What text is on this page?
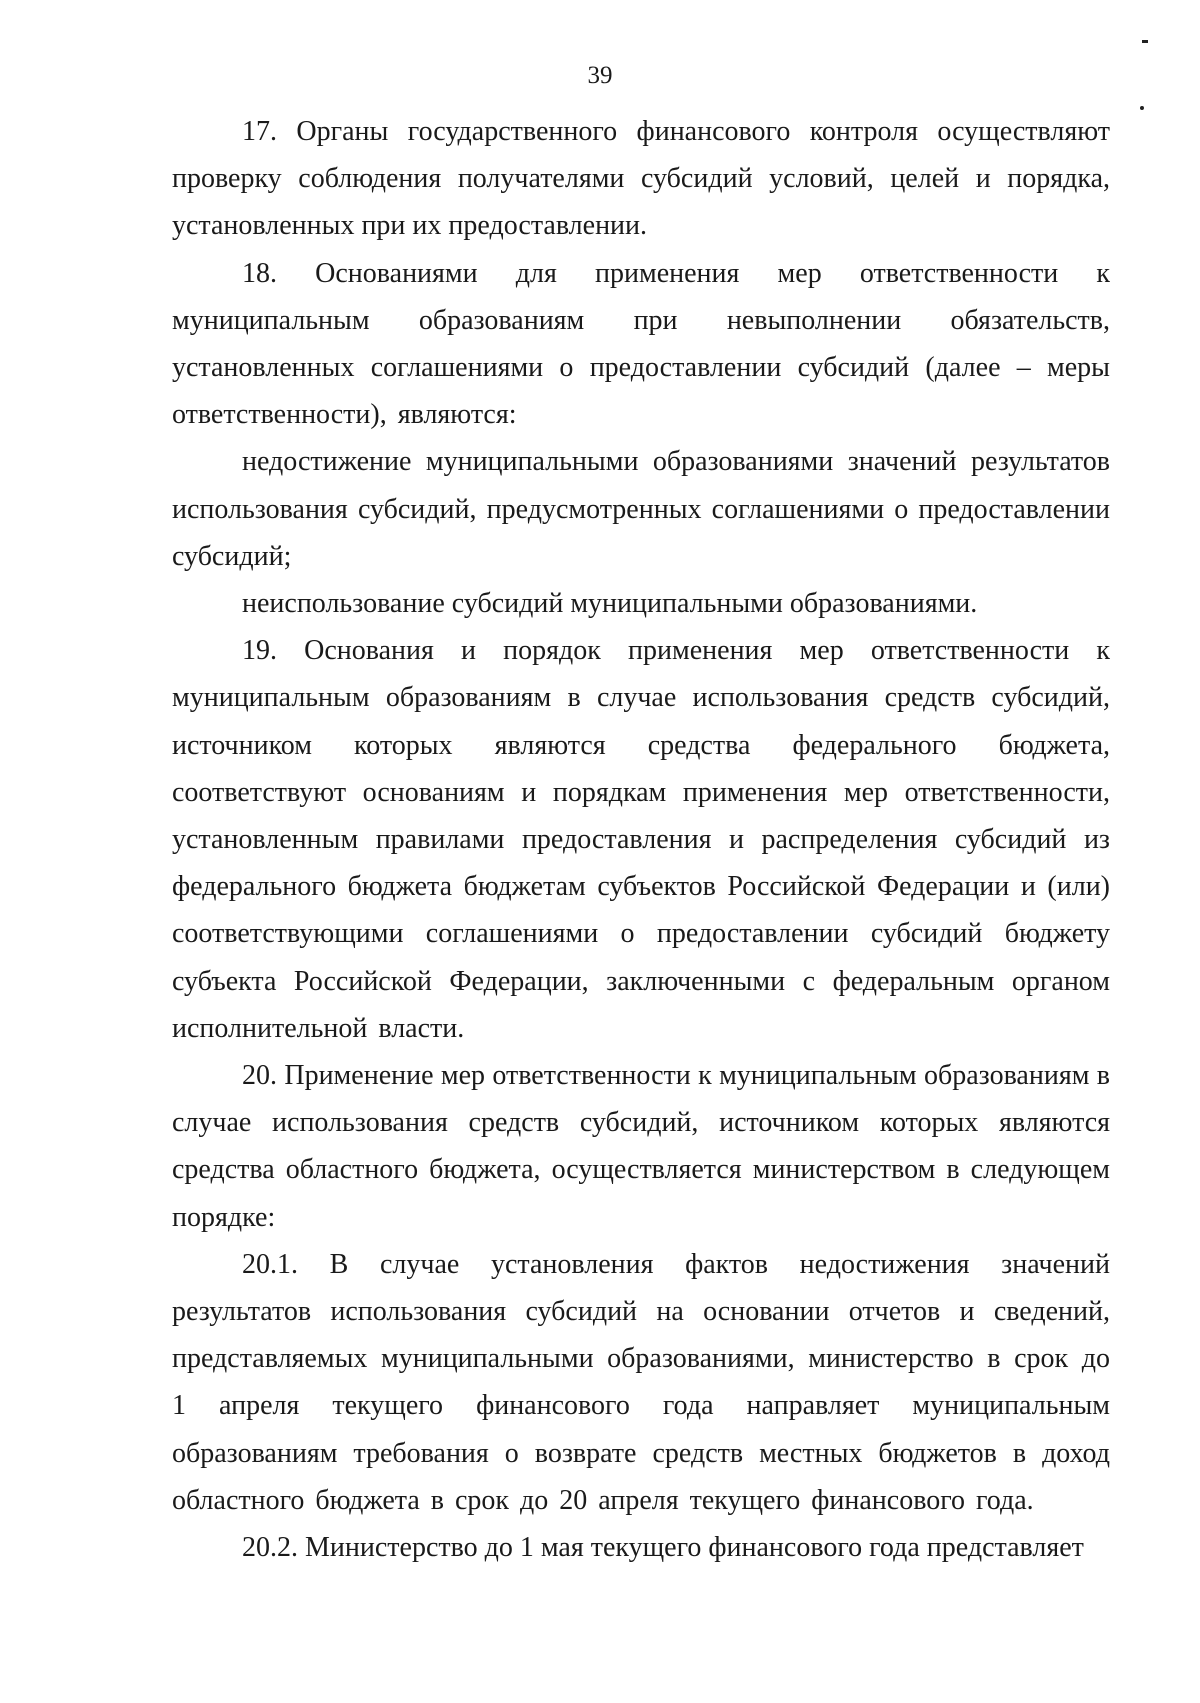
39

17. Органы государственного финансового контроля осуществляют проверку соблюдения получателями субсидий условий, целей и порядка, установленных при их предоставлении.

18. Основаниями для применения мер ответственности к муниципальным образованиям при невыполнении обязательств, установленных соглашениями о предоставлении субсидий (далее – меры ответственности), являются:

недостижение муниципальными образованиями значений результатов использования субсидий, предусмотренных соглашениями о предоставлении субсидий;

неиспользование субсидий муниципальными образованиями.

19. Основания и порядок применения мер ответственности к муниципальным образованиям в случае использования средств субсидий, источником которых являются средства федерального бюджета, соответствуют основаниям и порядкам применения мер ответственности, установленным правилами предоставления и распределения субсидий из федерального бюджета бюджетам субъектов Российской Федерации и (или) соответствующими соглашениями о предоставлении субсидий бюджету субъекта Российской Федерации, заключенными с федеральным органом исполнительной власти.

20. Применение мер ответственности к муниципальным образованиям в случае использования средств субсидий, источником которых являются средства областного бюджета, осуществляется министерством в следующем порядке:

20.1. В случае установления фактов недостижения значений результатов использования субсидий на основании отчетов и сведений, представляемых муниципальными образованиями, министерство в срок до 1 апреля текущего финансового года направляет муниципальным образованиям требования о возврате средств местных бюджетов в доход областного бюджета в срок до 20 апреля текущего финансового года.

20.2. Министерство до 1 мая текущего финансового года представляет
